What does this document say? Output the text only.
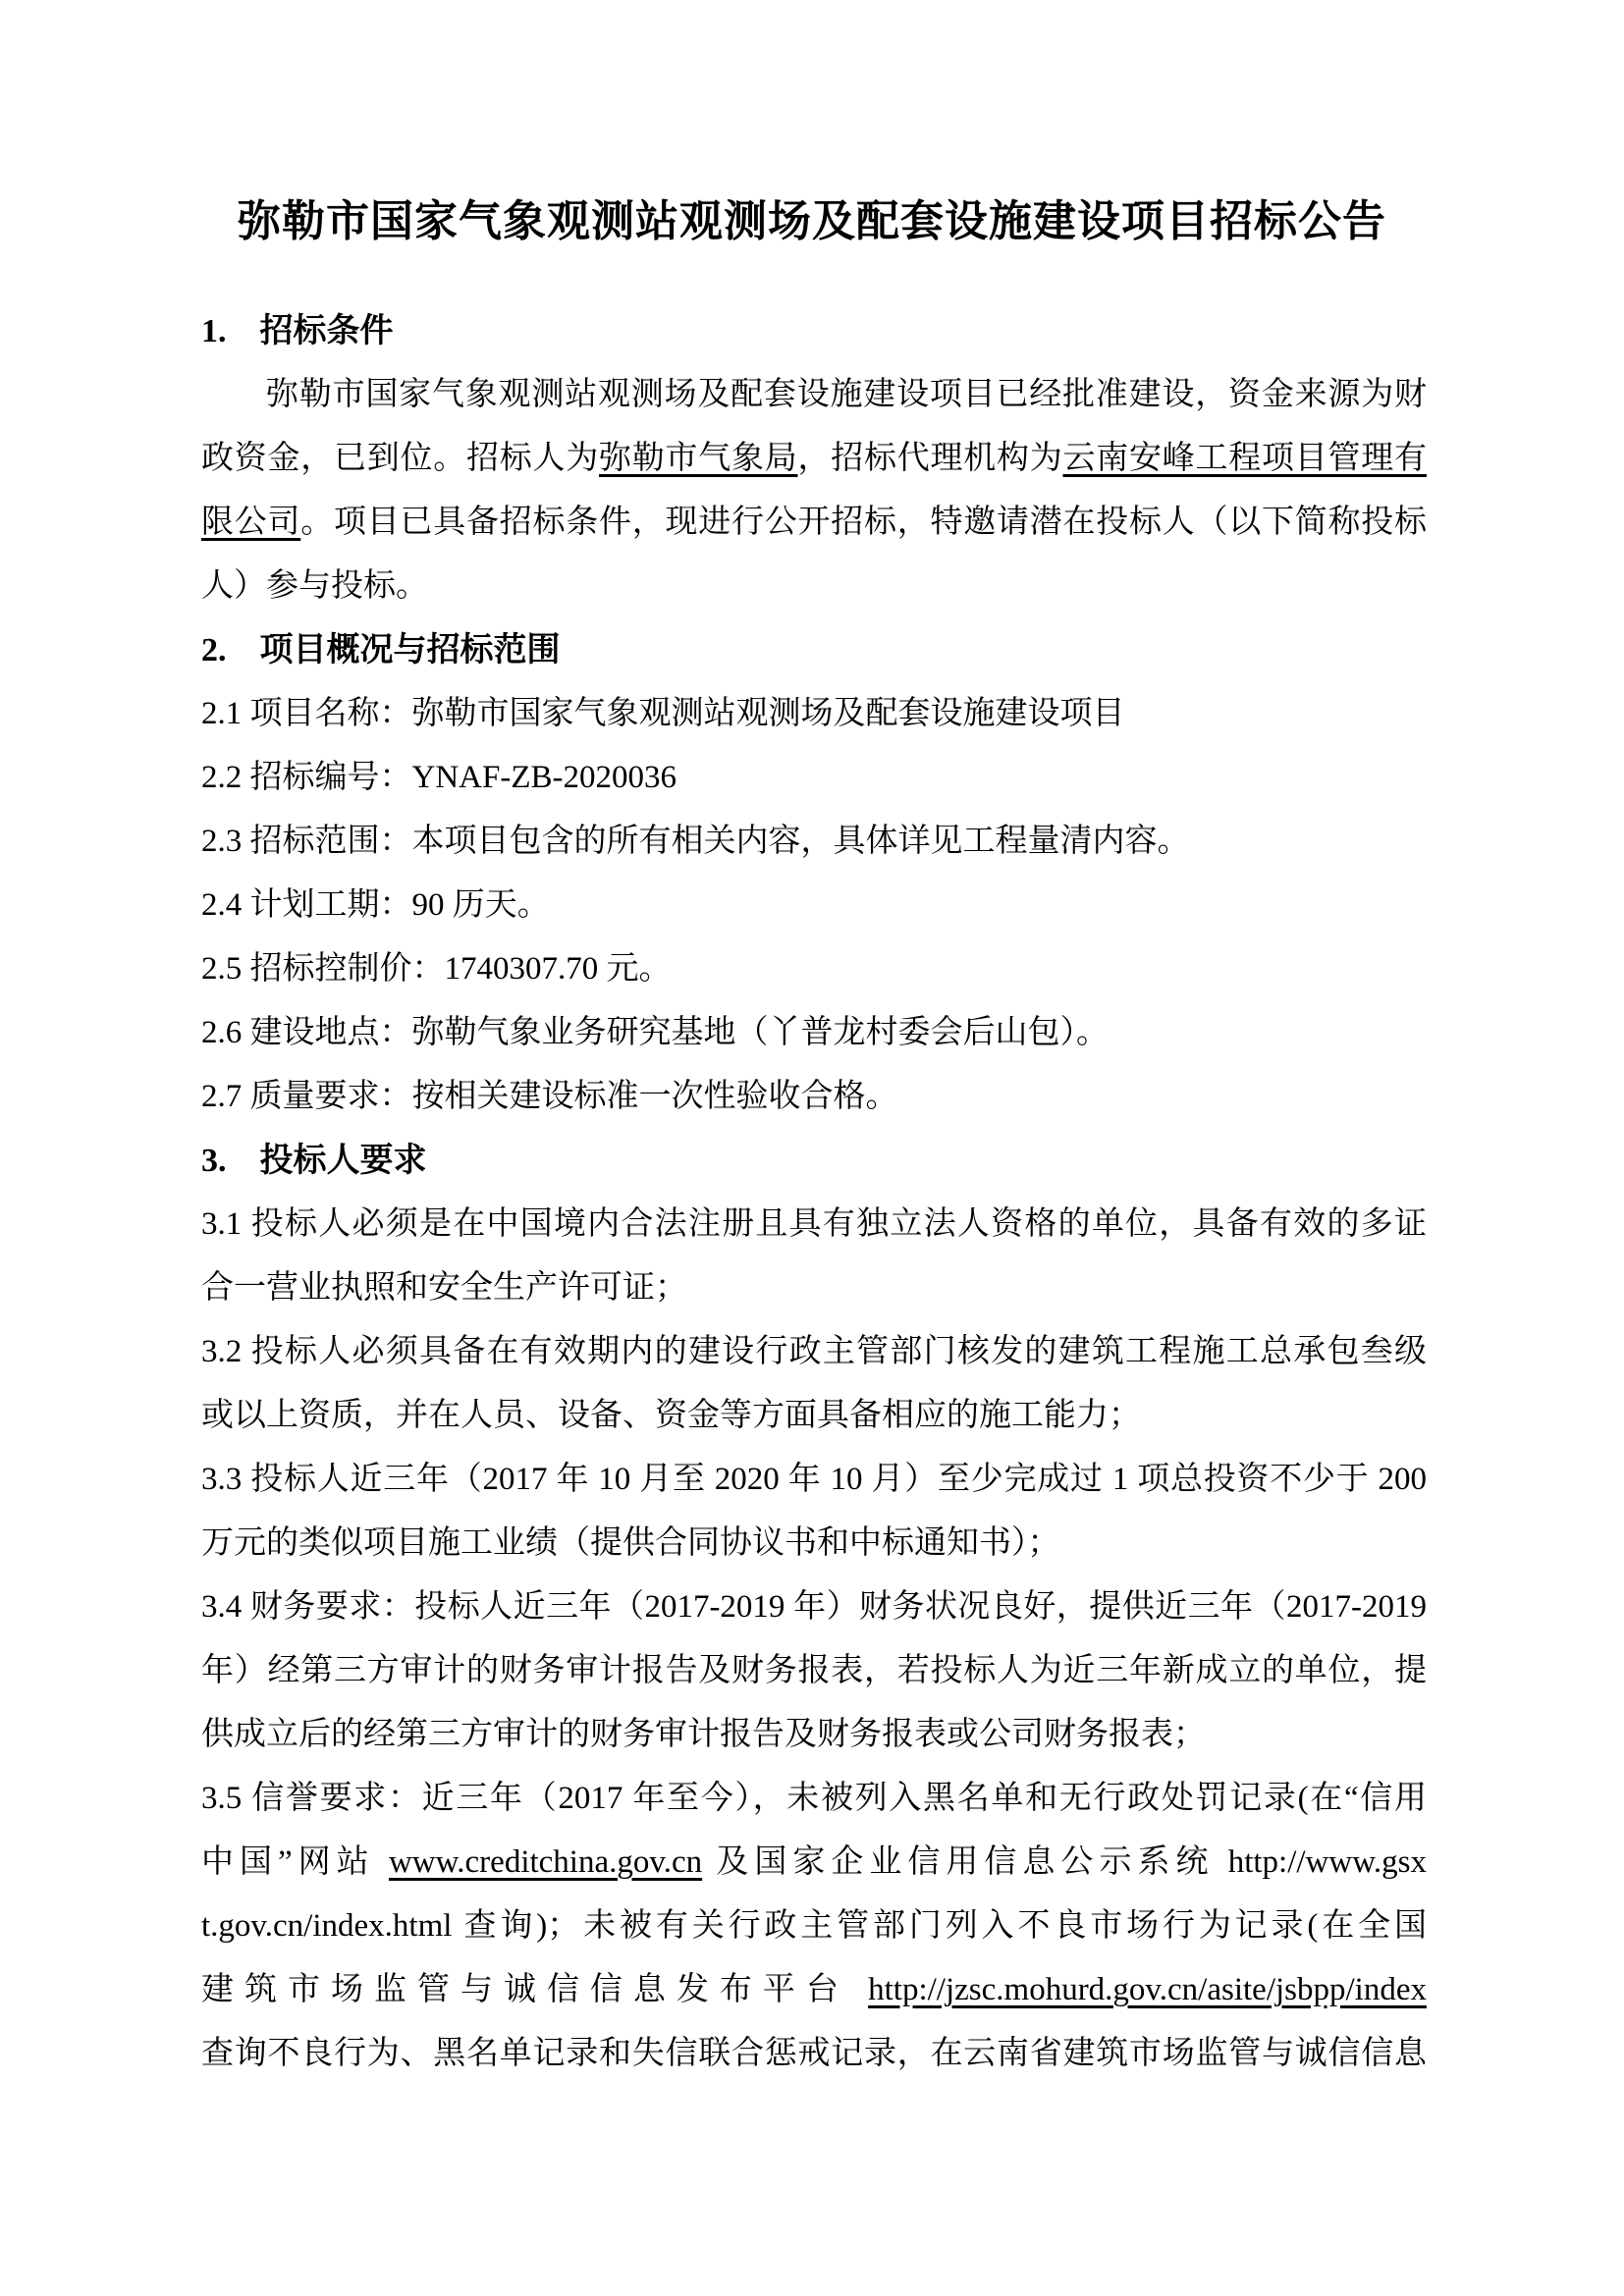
弥勒市国家气象观测站观测场及配套设施建设项目招标公告
1.　招标条件
弥勒市国家气象观测站观测场及配套设施建设项目已经批准建设，资金来源为财
政资金，已到位。招标人为弥勒市气象局，招标代理机构为云南安峰工程项目管理有
限公司。项目已具备招标条件，现进行公开招标，特邀请潜在投标人（以下简称投标
人）参与投标。
2.　项目概况与招标范围
2.1 项目名称：弥勒市国家气象观测站观测场及配套设施建设项目
2.2 招标编号：YNAF-ZB-2020036
2.3 招标范围：本项目包含的所有相关内容，具体详见工程量清内容。
2.4 计划工期：90 历天。
2.5 招标控制价：1740307.70 元。
2.6 建设地点：弥勒气象业务研究基地（丫普龙村委会后山包）。
2.7 质量要求：按相关建设标准一次性验收合格。
3.　投标人要求
3.1 投标人必须是在中国境内合法注册且具有独立法人资格的单位，具备有效的多证
合一营业执照和安全生产许可证；
3.2 投标人必须具备在有效期内的建设行政主管部门核发的建筑工程施工总承包叁级
或以上资质，并在人员、设备、资金等方面具备相应的施工能力；
3.3 投标人近三年（2017 年 10 月至 2020 年 10 月）至少完成过 1 项总投资不少于 200
万元的类似项目施工业绩（提供合同协议书和中标通知书）；
3.4 财务要求：投标人近三年（2017-2019 年）财务状况良好，提供近三年（2017-2019
年）经第三方审计的财务审计报告及财务报表，若投标人为近三年新成立的单位，提
供成立后的经第三方审计的财务审计报告及财务报表或公司财务报表；
3.5 信誉要求：近三年（2017 年至今），未被列入黑名单和无行政处罚记录(在“信用
中国”网站 www.creditchina.gov.cn 及国家企业信用信息公示系统 http://www.gsx
t.gov.cn/index.html 查询)；未被有关行政主管部门列入不良市场行为记录(在全国
建筑市场监管与诚信信息发布平台 http://jzsc.mohurd.gov.cn/asite/jsbpp/index
查询不良行为、黑名单记录和失信联合惩戒记录，在云南省建筑市场监管与诚信信息
